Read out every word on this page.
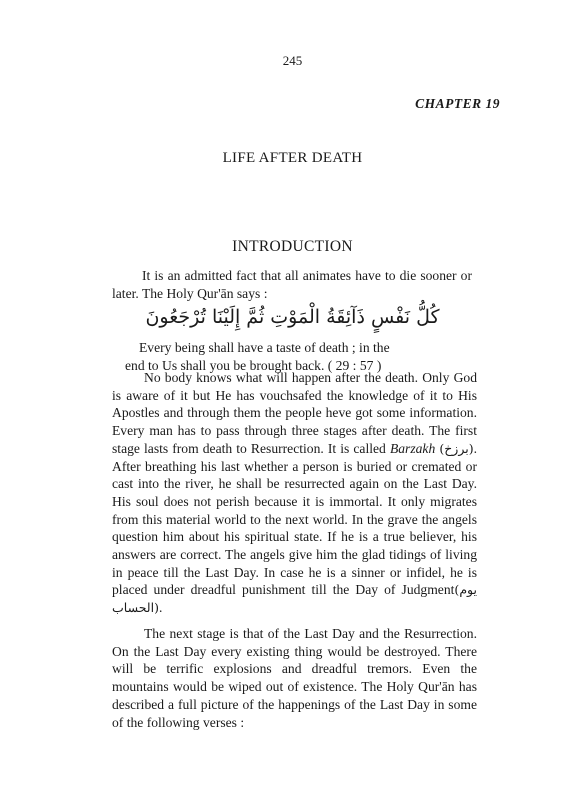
245
CHAPTER 19
LIFE AFTER DEATH
INTRODUCTION
It is an admitted fact that all animates have to die sooner or later. The Holy Qur'ān says :
كُلُّ نَفْسٍ ذَآئِقَةُ الْمَوْتِ ثُمَّ إِلَيْنَا تُرْجَعُونَ
Every being shall have a taste of death ; in the
end to Us shall you be brought back. ( 29 : 57 )
No body knows what will happen after the death. Only God is aware of it but He has vouchsafed the knowledge of it to His Apostles and through them the people heve got some information. Every man has to pass through three stages after death. The first stage lasts from death to Resurrection. It is called Barzakh (برزخ). After breathing his last whether a person is buried or cremated or cast into the river, he shall be resurrected again on the Last Day. His soul does not perish because it is immortal. It only migrates from this material world to the next world. In the grave the angels question him about his spiritual state. If he is a true believer, his answers are correct. The angels give him the glad tidings of living in peace till the Last Day. In case he is a sinner or infidel, he is placed under dreadful punishment till the Day of Judgment(یوم الحساب).
The next stage is that of the Last Day and the Resurrection. On the Last Day every existing thing would be destroyed. There will be terrific explosions and dreadful tremors. Even the mountains would be wiped out of existence. The Holy Qur'ān has described a full picture of the happenings of the Last Day in some of the following verses :
